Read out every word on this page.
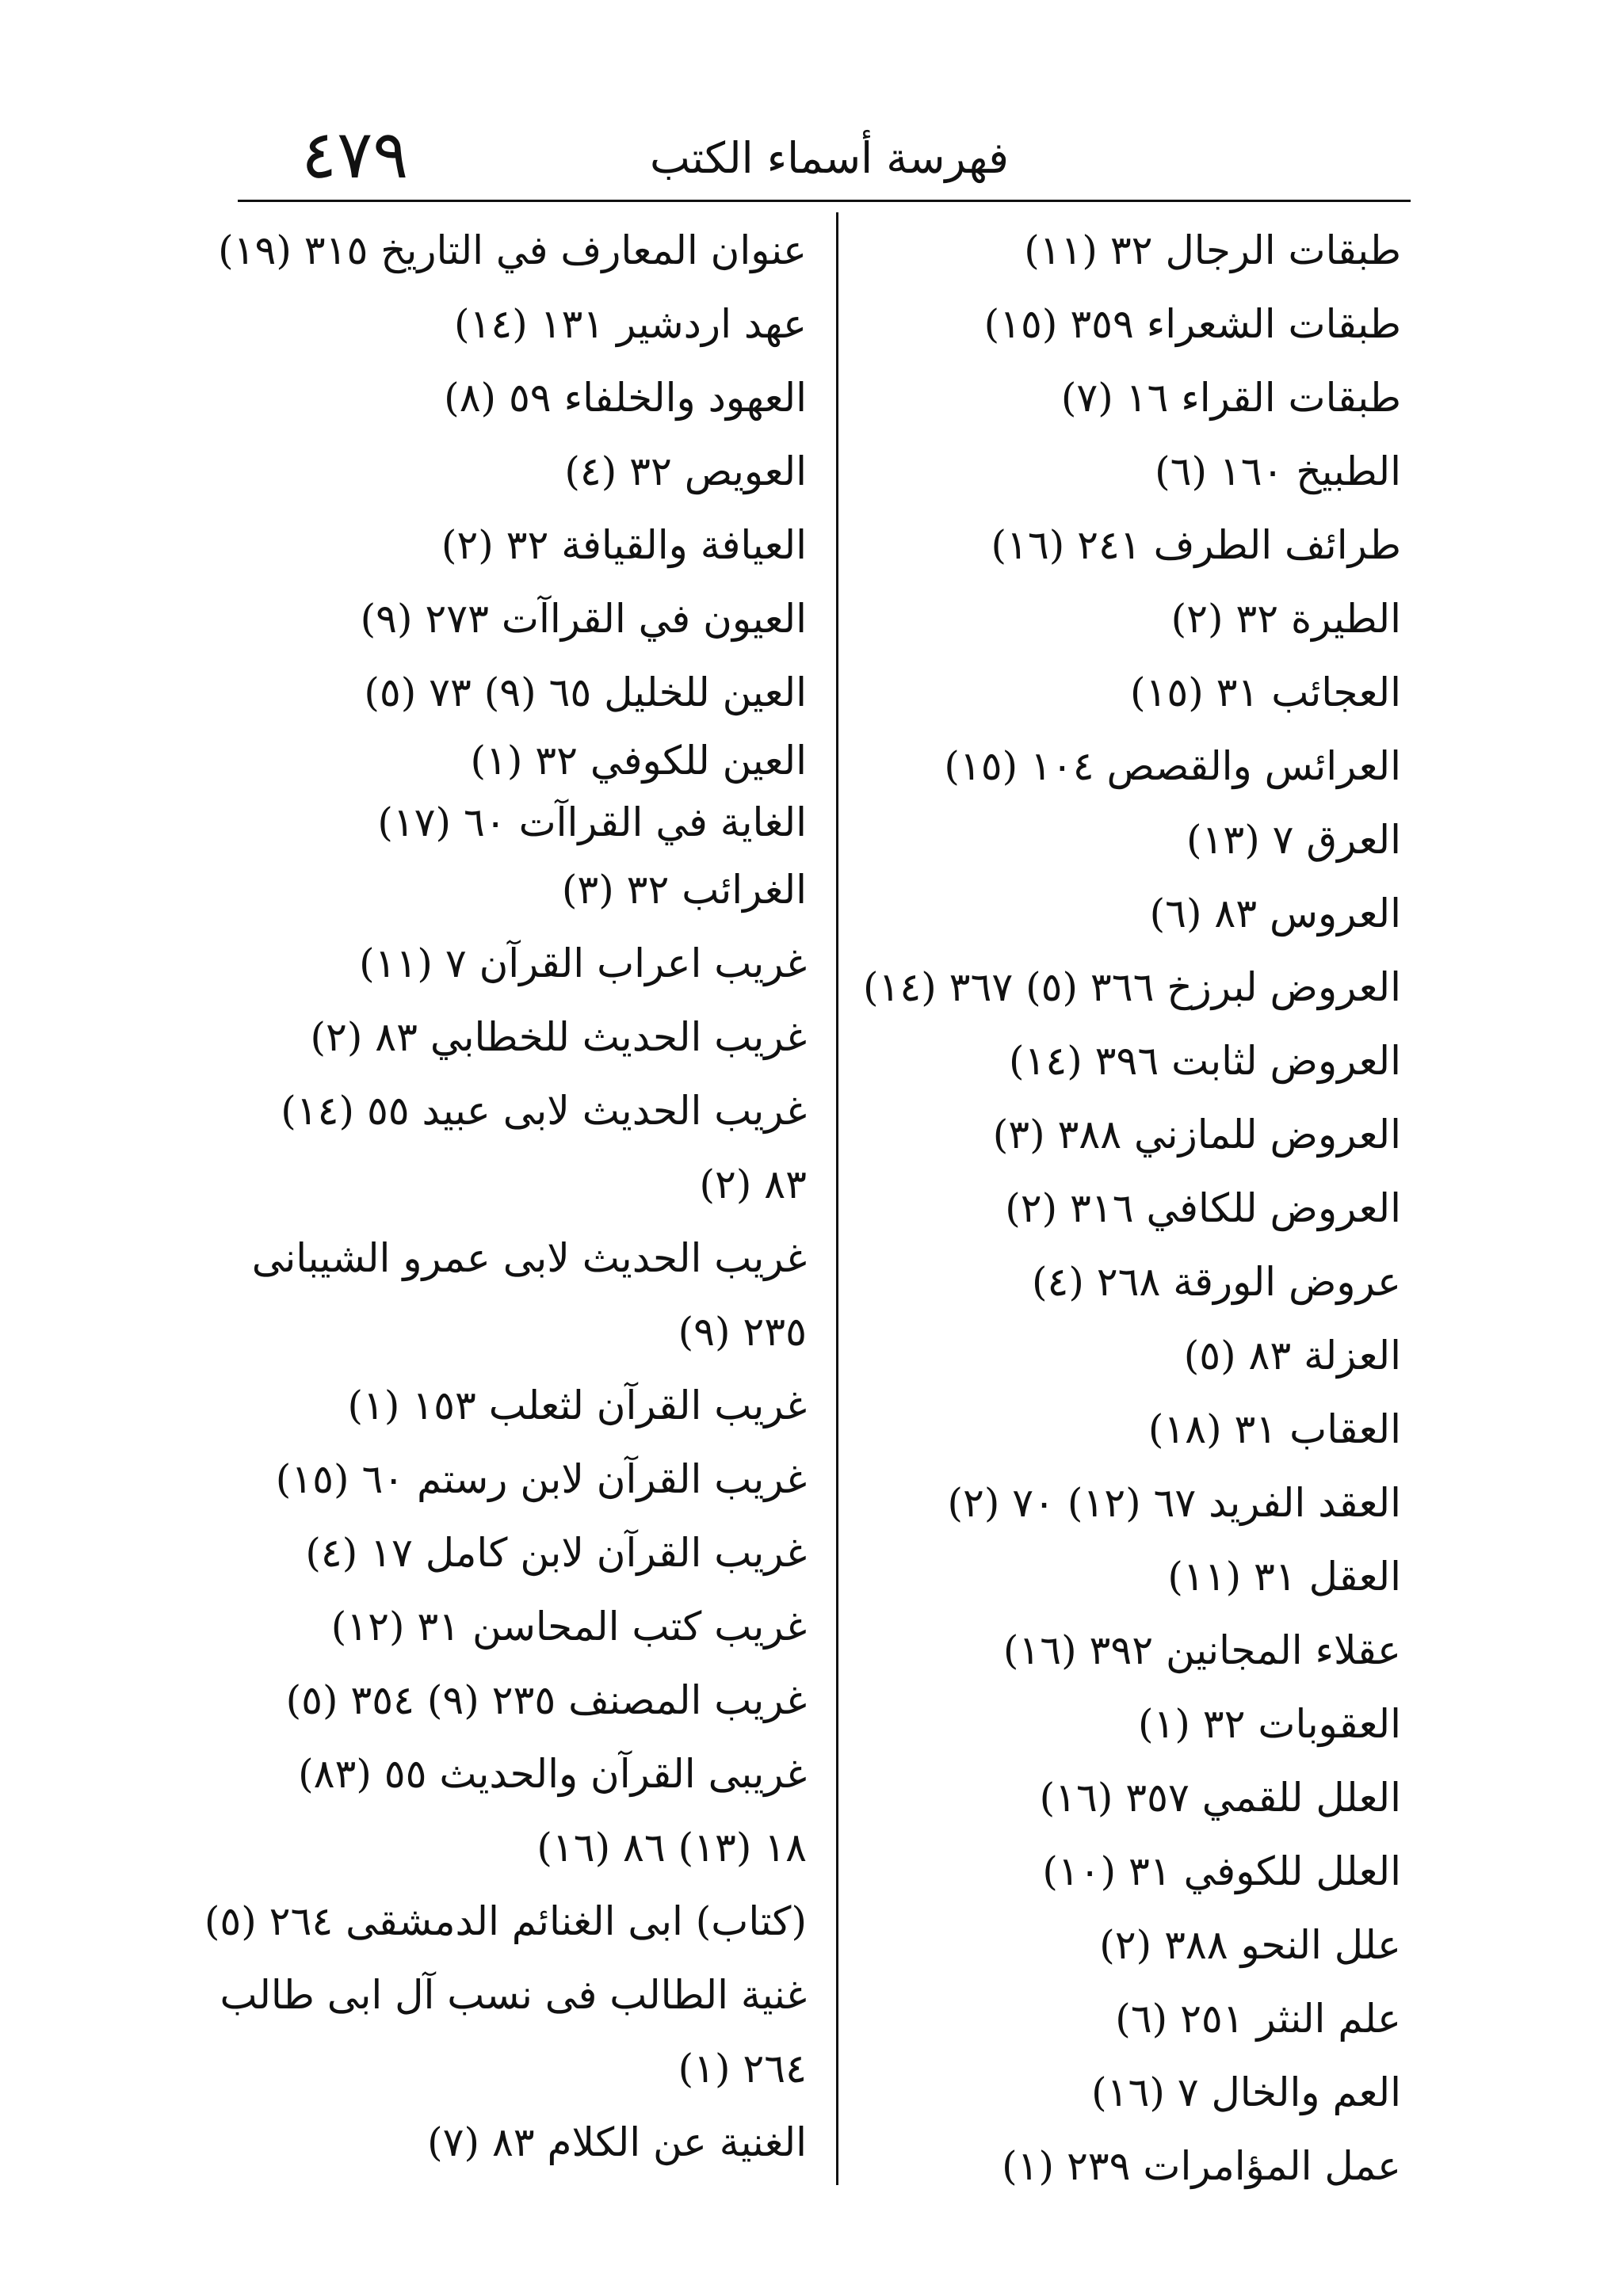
٤٧٩	فهرسة أسماء الكتب
طبقات الرجال ٣٢ (١١)
طبقات الشعراء ٣٥٩ (١٥)
طبقات القراء ١٦ (٧)
الطبيخ ١٦٠ (٦)
طرائف الطرف ٢٤١ (١٦)
الطيرة ٣٢ (٢)
العجائب ٣١ (١٥)
العرائس والقصص ١٠٤ (١٥)
العرق ٧ (١٣)
العروس ٨٣ (٦)
العروض لبرزخ ٣٦٦ (٥) ٣٦٧ (١٤)
العروض لثابت ٣٩٦ (١٤)
العروض للمازني ٣٨٨ (٣)
العروض للكافي ٣١٦ (٢)
عروض الورقة ٢٦٨ (٤)
العزلة ٨٣ (٥)
العقاب ٣١ (١٨)
العقد الفريد ٦٧ (١٢) ٧٠ (٢)
العقل ٣١ (١١)
عقلاء المجانين ٣٩٢ (١٦)
العقوبات ٣٢ (١)
العلل للقمي ٣٥٧ (١٦)
العلل للكوفي ٣١ (١٠)
علل النحو ٣٨٨ (٢)
علم النثر ٢٥١ (٦)
العم والخال ٧ (١٦)
عمل المؤامرات ٢٣٩ (١)
عنوان المعارف في التاريخ ٣١٥ (١٩)
عهد اردشير ١٣١ (١٤)
العهود والخلفاء ٥٩ (٨)
العويص ٣٢ (٤)
العيافة والقيافة ٣٢ (٢)
العيون في القراآت ٢٧٣ (٩)
العين للخليل ٦٥ (٩) ٧٣ (٥)
العين للكوفي ٣٢ (١)
الغاية في القراآت ٦٠ (١٧)
الغرائب ٣٢ (٣)
غريب اعراب القرآن ٧ (١١)
غريب الحديث للخطابي ٨٣ (٢)
غريب الحديث لابى عبيد ٥٥ (١٤)
٨٣ (٢)
غريب الحديث لابى عمرو الشيبانى
٢٣٥ (٩)
غريب القرآن لثعلب ١٥٣ (١)
غريب القرآن لابن رستم ٦٠ (١٥)
غريب القرآن لابن كامل ١٧ (٤)
غريب كتب المحاسن ٣١ (١٢)
غريب المصنف ٢٣٥ (٩) ٣٥٤ (٥)
غريبى القرآن والحديث ٥٥ (٨٣)
١٨ (١٣) ٨٦ (١٦)
(كتاب) ابى الغنائم الدمشقى ٢٦٤ (٥)
غنية الطالب فى نسب آل ابى طالب
٢٦٤ (١)
الغنية عن الكلام ٨٣ (٧)
